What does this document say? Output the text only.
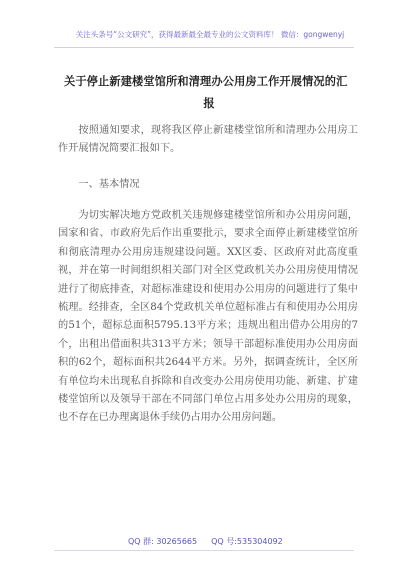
关注头条号“公文研究”，获得最新最全最专业的公文资料库！ 微信：gongwenyj
关于停止新建楼堂馆所和清理办公用房工作开展情况的汇
报

按照通知要求，现将我区停止新建楼堂馆所和清理办公用房工作开展情况简要汇报如下。

一、基本情况

为切实解决地方党政机关违规修建楼堂馆所和办公用房问题，国家和省、市政府先后作出重要批示，要求全面停止新建楼堂馆所和彻底清理办公用房违规建设问题。XX区委、区政府对此高度重视，并在第一时间组织相关部门对全区党政机关办公用房使用情况进行了彻底排查，对超标准建设和使用办公用房的问题进行了集中梳理。经排查，全区84个党政机关单位超标准占有和使用办公用房的51个，超标总面积5795.13平方米；违规出租出借办公用房的7个，出租出借面积共313平方米；领导干部超标准使用办公用房面积的62个，超标面积共2644平方米。另外，据调查统计，全区所有单位均未出现私自拆除和自改变办公用房使用功能、新建、扩建楼堂馆所以及领导干部在不同部门单位占用多处办公用房的现象，也不存在已办理离退休手续仍占用办公用房问题。

QQ 群: 30265665 QQ 号:535304092
